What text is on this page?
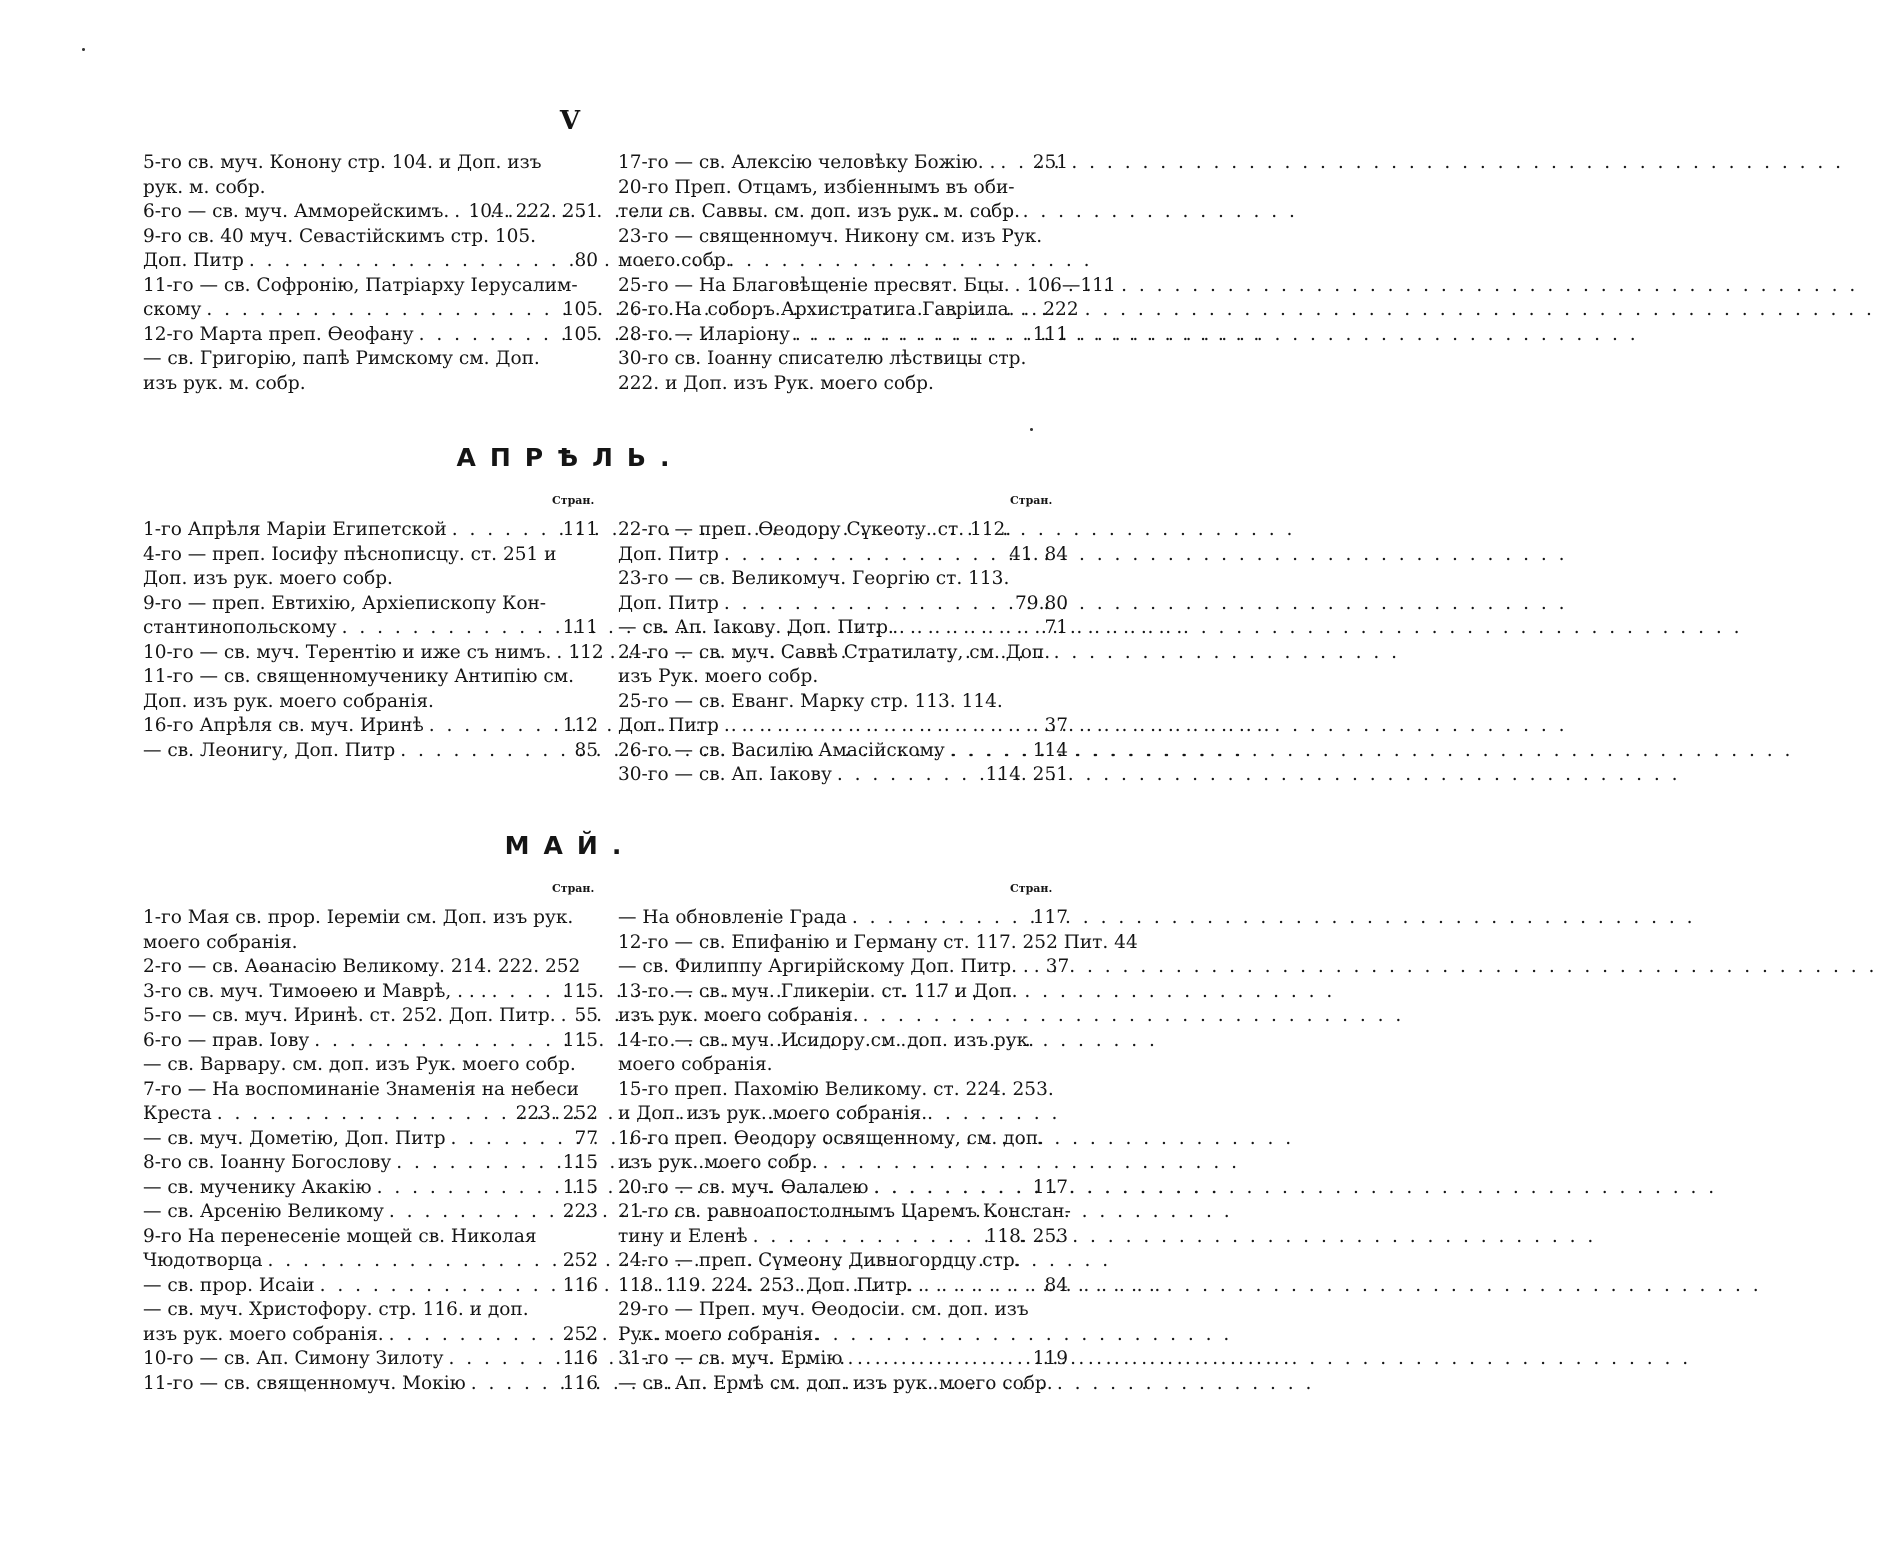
V
5-го св. муч. Конону стр. 104. и Доп. изъ
рук. м. собр.
6-го — св. муч. Амморейскимъ. . . . 104. 222. 251
9-го св. 40 муч. Севастійскимъ стр. 105.
Доп. Питр . . .	80
11-го — св. Софронію, Патріарху Іерусалим-
скому . . .	105
12-го Марта преп. Өеофану . . .	105
— св. Григорію, папѣ Римскому см. Доп.
изъ рук. м. собр.
17-го — св. Алексію человѣку Божію. . . . . 251
20-го Преп. Отцамъ, избіеннымъ въ оби-
тели св. Саввы. см. доп. изъ рук. м. собр.
23-го — священномуч. Никону см. изъ Рук.
моего собр.
25-го — На Благовѣщеніе пресвят. Бцы. . . . 106—111
26-го На соборъ Архистратига Гавріила. . . . . 222
28-го — Иларіону . . .	111
30-го св. Іоанну списателю лѣствицы стр.
222. и Доп. изъ Рук. моего собр.
АПРѢЛЬ.
Стран.	Стран.
1-го Апрѣля Маріи Египетской . . .	111
4-го — преп. Іосифу пѣснописцу. ст. 251 и
Доп. изъ рук. моего собр.
9-го — преп. Евтихію, Архіепископу Кон-
стантинопольскому . . .	111
10-го — св. муч. Терентію и иже съ нимъ. . . . 112
11-го — св. священномученику Антипію см.
Доп. изъ рук. моего собранія.
16-го Апрѣля св. муч. Иринѣ . . .	112
— св. Леонигу, Доп. Питр . . .	85
22-го — преп. Өеодору Сүкеоту. ст. 112.
Доп. Питр . . .	41. 84
23-го — св. Великомуч. Георгію ст. 113.
Доп. Питр . . .	79.80
— св. Ап. Іакову. Доп. Питр. . . .	71
24-го — св. муч. Саввѣ Стратилату, см. Доп.
изъ Рук. моего собр.
25-го — св. Еванг. Марку стр. 113. 114.
Доп. Питр . . .	37
26-го — св. Василію Амасійскому . . .	114
30-го — св. Ап. Іакову . . .	114. 251
МАЙ.
Стран.	Стран.
1-го Мая св. прор. Іереміи см. Доп. изъ рук.
моего собранія.
2-го — св. Аөанасію Великому. 214. 222. 252
3-го св. муч. Тимоөею и Маврѣ, . . . . . .	115
5-го — св. муч. Иринѣ. ст. 252. Доп. Питр. . . . 55
6-го — прав. Іову . . .	115
— св. Варвару. см. доп. изъ Рук. моего собр.
7-го — На воспоминаніе Знаменія на небеси
Креста . . .	223. 252
— св. муч. Дометію, Доп. Питр . . .	77
8-го св. Іоанну Богослову . . .	115
— св. мученику Акакію . . .	115
— св. Арсенію Великому . . .	223
9-го На перенесеніе мощей св. Николая
Чюдотворца . . .	252
— св. прор. Исаіи . . .	116
— св. муч. Христофору. стр. 116. и доп.
изъ рук. моего собранія. . . .	252
10-го — св. Ап. Симону Зилоту . . .	116
11-го — св. священномуч. Мокію . . .	116
— На обновленіе Града . . .	117
12-го — св. Епифанію и Герману ст. 117. 252 Пит. 44
— св. Филиппу Аргирійскому Доп. Питр. . . . . 37
13-го — св. муч. Гликеріи. ст. 117 и Доп.
изъ рук. моего собранія.
14-го — св. муч. Исидору см. доп. изъ рук.
моего собранія.
15-го преп. Пахомію Великому. ст. 224. 253.
и Доп. изъ рук. моего собранія.
16-го преп. Өеодору освященному, см. доп.
изъ рук. моего собр.
20-го — св. муч. Өалалею . . .	117
21-го св. равноапостолнымъ Царемъ Констан-
тину и Еленѣ . . .	118. 253
24-го — преп. Сүмеону Дивногордцу стр.
118. 119. 224. 253. Доп. Питр. . . .	84
29-го — Преп. муч. Өеодосіи. см. доп. изъ
Рук. моего собранія.
31-го — св. муч. Ермію . . .	119
— св. Ап. Ермѣ см. доп. изъ рук. моего собр.
